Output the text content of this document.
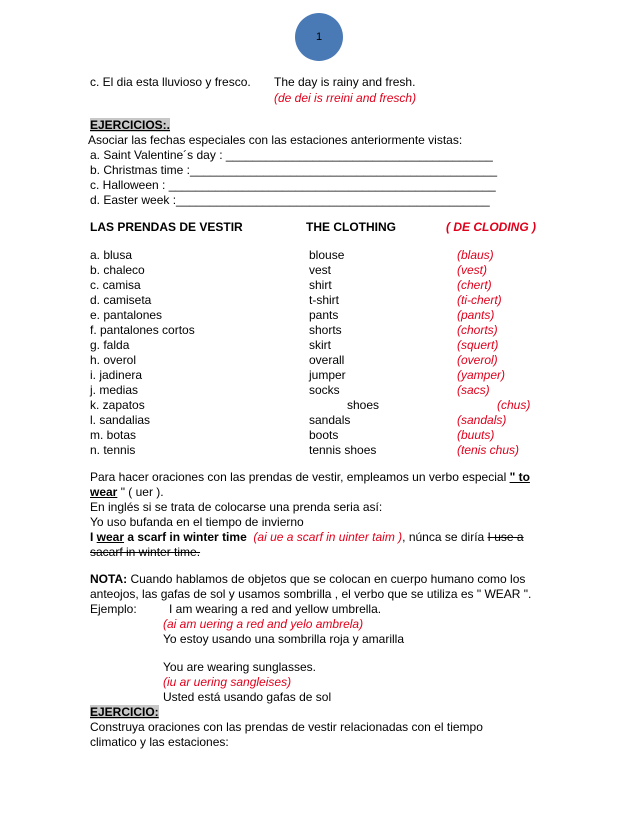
1
c. El dia esta lluvioso y fresco. The day is rainy and fresh.
(de dei is rreini and fresch)
EJERCICIOS:.
Asociar las fechas especiales con las estaciones anteriormente vistas:
a. Saint Valentine´s day : ________________________________________
b. Christmas time :______________________________________________
c. Halloween : _________________________________________________
d. Easter week :_______________________________________________
LAS PRENDAS DE VESTIR	THE CLOTHING	( DE CLODING )
a. blusa	blouse	(blaus)
b. chaleco	vest	(vest)
c. camisa	shirt	(chert)
d. camiseta	t-shirt	(ti-chert)
e. pantalones	pants	(pants)
f. pantalones cortos	shorts	(chorts)
g. falda	skirt	(squert)
h. overol	overall	(overol)
i. jadinera	jumper	(yamper)
j. medias	socks	(sacs)
k. zapatos	shoes	(chus)
l. sandalias	sandals	(sandals)
m. botas	boots	(buuts)
n. tennis	tennis shoes	(tenis chus)
Para hacer oraciones con las prendas de vestir, empleamos un verbo especial " to
wear " ( uer ).
En inglés si se trata de colocarse una prenda seria así:
Yo uso bufanda en el tiempo de invierno
I wear a scarf in winter time (ai ue a scarf in uinter taim ), núnca se diría I use a
sacarf in winter time.
NOTA: Cuando hablamos de objetos que se colocan en cuerpo humano como los
anteojos, las gafas de sol y usamos sombrilla , el verbo que se utiliza es " WEAR ".
Ejemplo:	I am wearing a red and yellow umbrella.
(ai am uering a red and yelo ambrela)
Yo estoy usando una sombrilla roja y amarilla
You are wearing sunglasses.
(iu ar uering sangleises)
Usted está usando gafas de sol
EJERCICIO:
Construya oraciones con las prendas de vestir relacionadas con el tiempo
climatico y las estaciones:
